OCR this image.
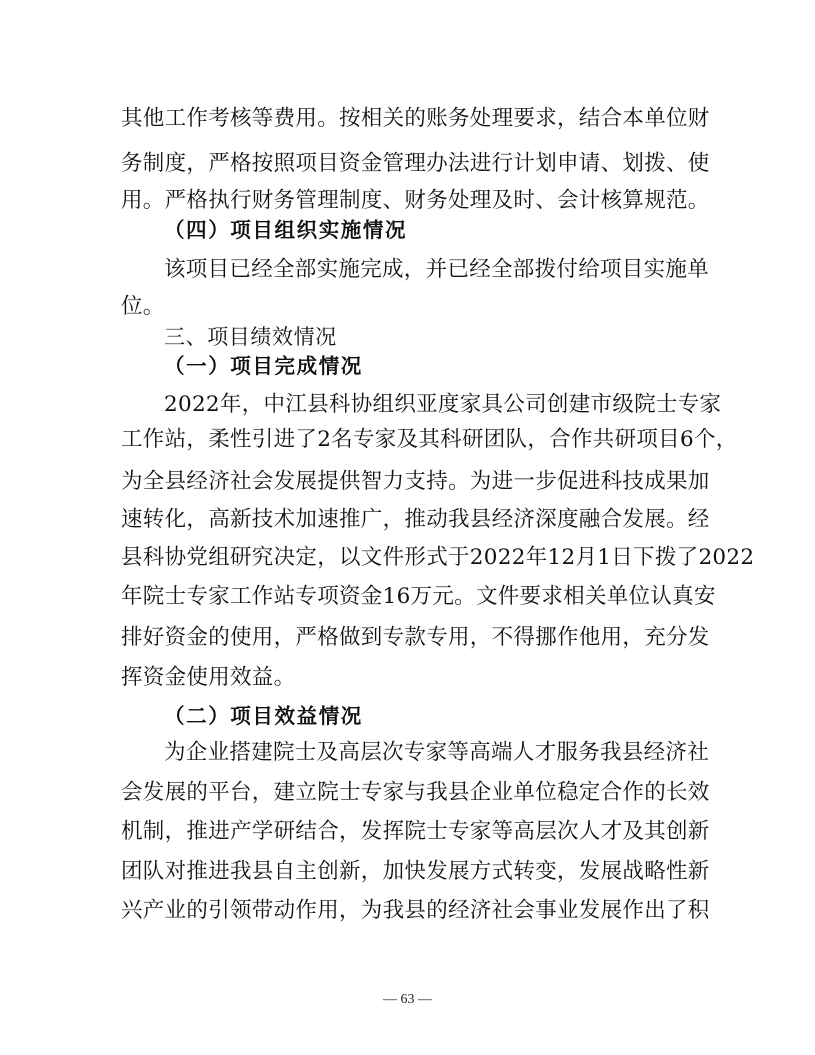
其他工作考核等费用。按相关的账务处理要求，结合本单位财
务制度，严格按照项目资金管理办法进行计划申请、划拨、使
用。严格执行财务管理制度、财务处理及时、会计核算规范。
（四）项目组织实施情况
该项目已经全部实施完成，并已经全部拨付给项目实施单
位。
三、项目绩效情况
（一）项目完成情况
2022年，中江县科协组织亚度家具公司创建市级院士专家
工作站，柔性引进了2名专家及其科研团队，合作共研项目6个，
为全县经济社会发展提供智力支持。为进一步促进科技成果加
速转化，高新技术加速推广，推动我县经济深度融合发展。经
县科协党组研究决定，以文件形式于2022年12月1日下拨了2022
年院士专家工作站专项资金16万元。文件要求相关单位认真安
排好资金的使用，严格做到专款专用，不得挪作他用，充分发
挥资金使用效益。
（二）项目效益情况
为企业搭建院士及高层次专家等高端人才服务我县经济社
会发展的平台，建立院士专家与我县企业单位稳定合作的长效
机制，推进产学研结合，发挥院士专家等高层次人才及其创新
团队对推进我县自主创新，加快发展方式转变，发展战略性新
兴产业的引领带动作用，为我县的经济社会事业发展作出了积
— 63 —
